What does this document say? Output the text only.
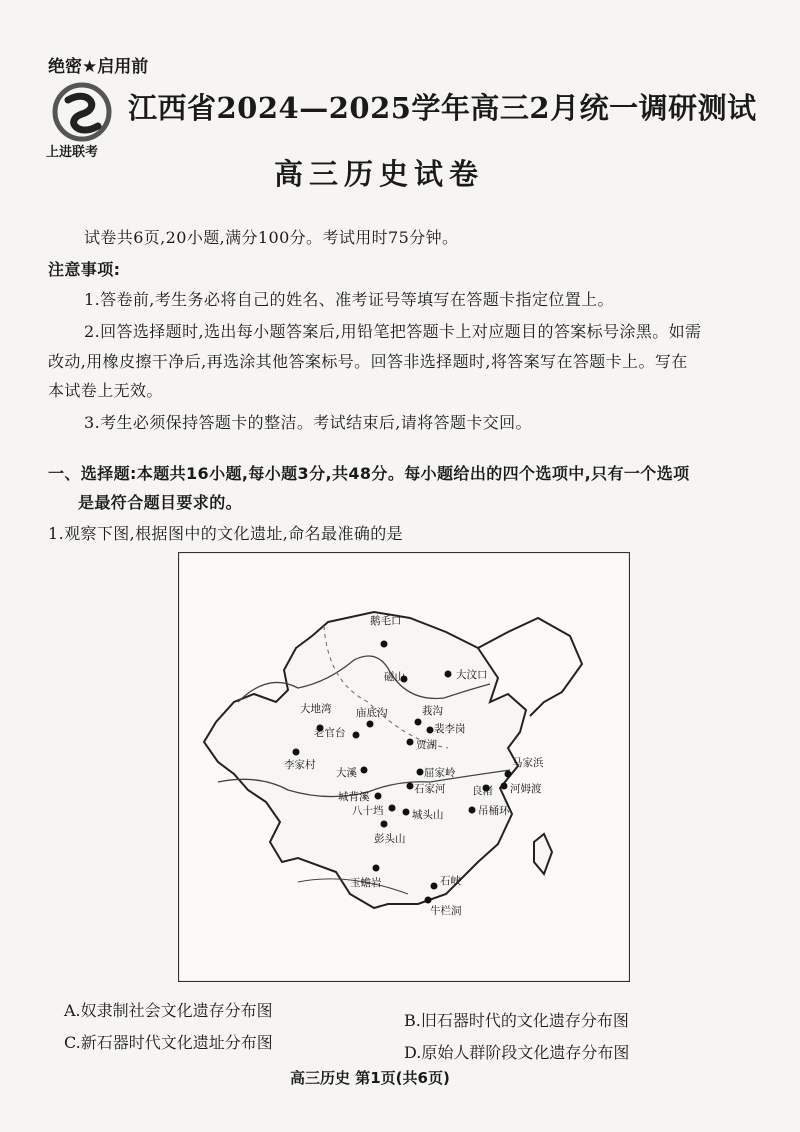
绝密★启用前
上进联考
江西省2024—2025学年高三2月统一调研测试
高三历史试卷
试卷共6页,20小题,满分100分。考试用时75分钟。
注意事项:
1.答卷前,考生务必将自己的姓名、准考证号等填写在答题卡指定位置上。
2.回答选择题时,选出每小题答案后,用铅笔把答题卡上对应题目的答案标号涂黑。如需
改动,用橡皮擦干净后,再选涂其他答案标号。回答非选择题时,将答案写在答题卡上。写在
本试卷上无效。
3.考生必须保持答题卡的整洁。考试结束后,请将答题卡交回。
一、选择题:本题共16小题,每小题3分,共48分。每小题给出的四个选项中,只有一个选项
是最符合题目要求的。
1.观察下图,根据图中的文化遗址,命名最准确的是
鹅毛口
磁山	大汶口
大地湾 庙底沟
老官台
莪沟
裴李岗
贾湖
李家村
大溪	屈家岭
石家河
城背溪
八十垱	城头山
彭头山
马家浜
河姆渡
良渚
吊桶环
玉蟾岩	石峡
牛栏洞
A.奴隶制社会文化遗存分布图
B.旧石器时代的文化遗存分布图
C.新石器时代文化遗址分布图
D.原始人群阶段文化遗存分布图
高三历史 第1页(共6页)
